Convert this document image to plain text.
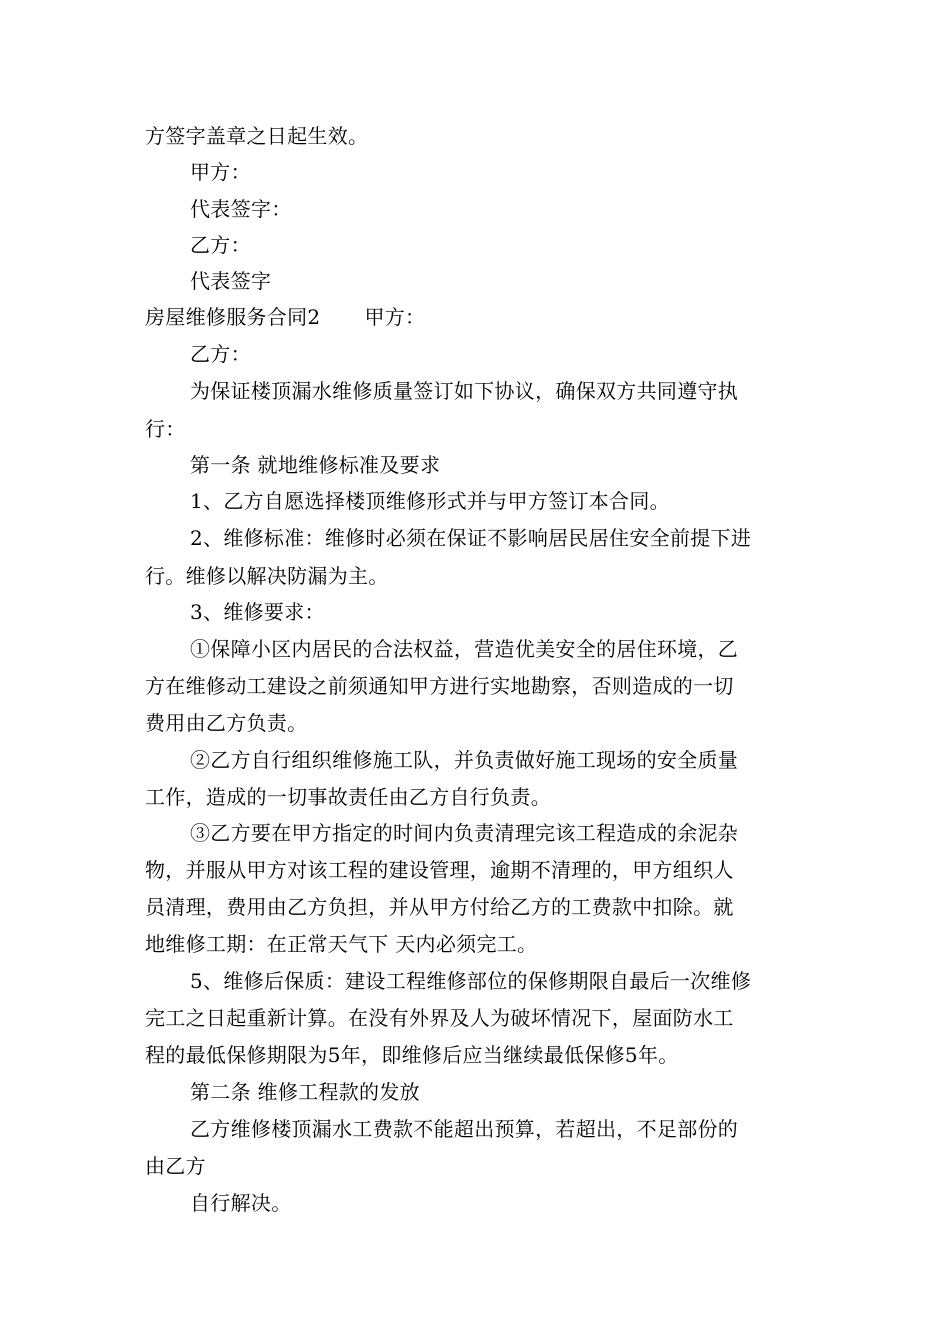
方签字盖章之日起生效。
甲方：
代表签字：
乙方：
代表签字
房屋维修服务合同2 甲方：
乙方：
为保证楼顶漏水维修质量签订如下协议，确保双方共同遵守执
行：
第一条 就地维修标准及要求
1、乙方自愿选择楼顶维修形式并与甲方签订本合同。
2、维修标准：维修时必须在保证不影响居民居住安全前提下进
行。维修以解决防漏为主。
3、维修要求：
①保障小区内居民的合法权益，营造优美安全的居住环境，乙
方在维修动工建设之前须通知甲方进行实地勘察，否则造成的一切
费用由乙方负责。
②乙方自行组织维修施工队，并负责做好施工现场的安全质量
工作，造成的一切事故责任由乙方自行负责。
③乙方要在甲方指定的时间内负责清理完该工程造成的余泥杂
物，并服从甲方对该工程的建设管理，逾期不清理的，甲方组织人
员清理，费用由乙方负担，并从甲方付给乙方的工费款中扣除。就
地维修工期：在正常天气下 天内必须完工。
5、维修后保质：建设工程维修部位的保修期限自最后一次维修
完工之日起重新计算。在没有外界及人为破坏情况下，屋面防水工
程的最低保修期限为5年，即维修后应当继续最低保修5年。
第二条 维修工程款的发放
乙方维修楼顶漏水工费款不能超出预算，若超出，不足部份的
由乙方
自行解决。
